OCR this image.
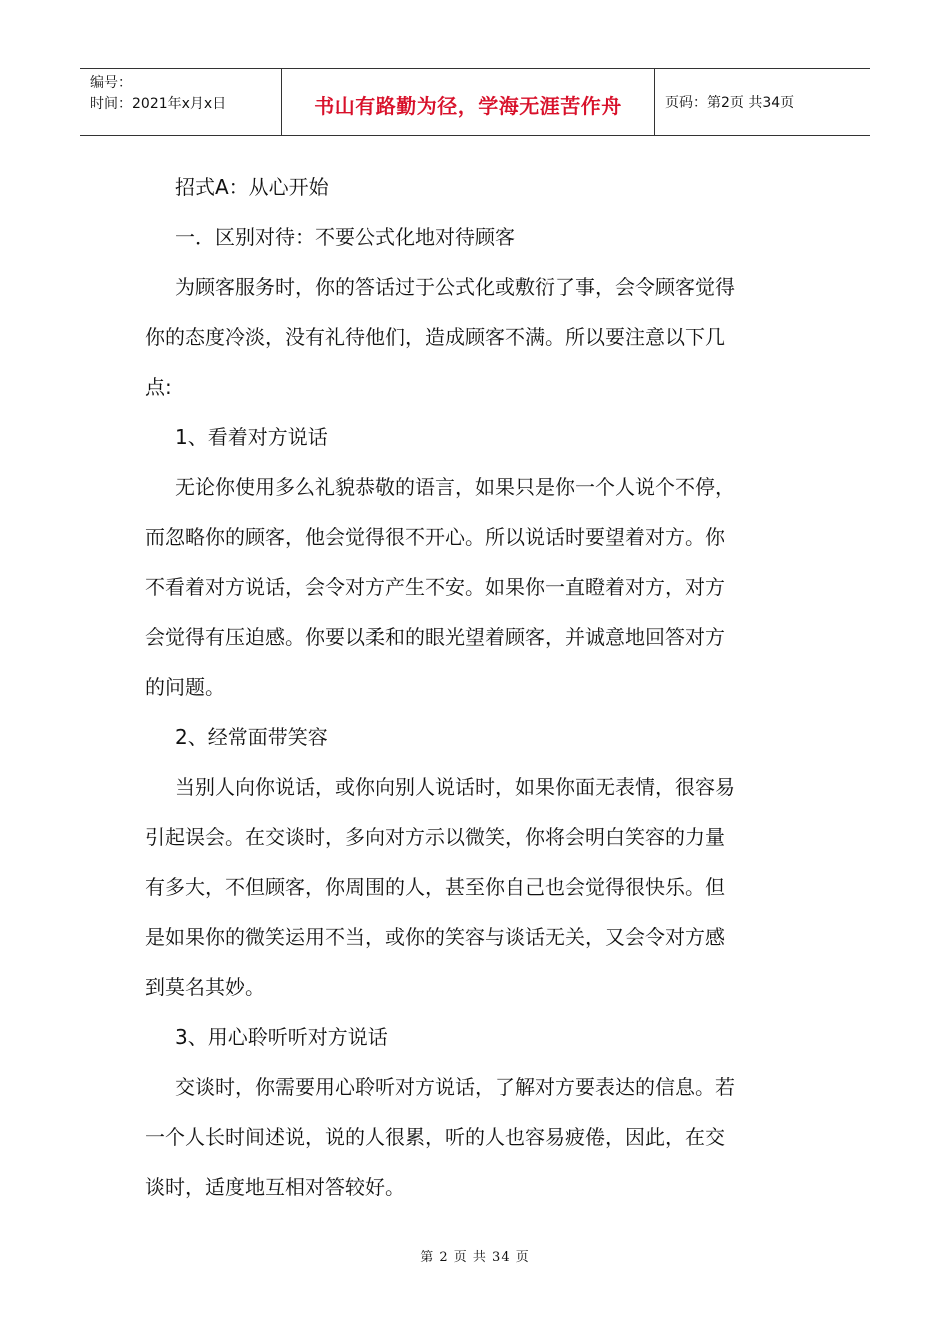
编号：
时间：2021年x月x日	书山有路勤为径，学海无涯苦作舟	页码：第2页 共34页
招式A：从心开始
一．区别对待：不要公式化地对待顾客
为顾客服务时，你的答话过于公式化或敷衍了事，会令顾客觉得
你的态度冷淡，没有礼待他们，造成顾客不满。所以要注意以下几
点:
1、看着对方说话
无论你使用多么礼貌恭敬的语言，如果只是你一个人说个不停，
而忽略你的顾客，他会觉得很不开心。所以说话时要望着对方。你
不看着对方说话，会令对方产生不安。如果你一直瞪着对方，对方
会觉得有压迫感。你要以柔和的眼光望着顾客，并诚意地回答对方
的问题。
2、经常面带笑容
当别人向你说话，或你向别人说话时，如果你面无表情，很容易
引起误会。在交谈时，多向对方示以微笑，你将会明白笑容的力量
有多大，不但顾客，你周围的人，甚至你自己也会觉得很快乐。但
是如果你的微笑运用不当，或你的笑容与谈话无关，又会令对方感
到莫名其妙。
3、用心聆听听对方说话
交谈时，你需要用心聆听对方说话，了解对方要表达的信息。若
一个人长时间述说，说的人很累，听的人也容易疲倦，因此，在交
谈时，适度地互相对答较好。
第 2 页 共 34 页
